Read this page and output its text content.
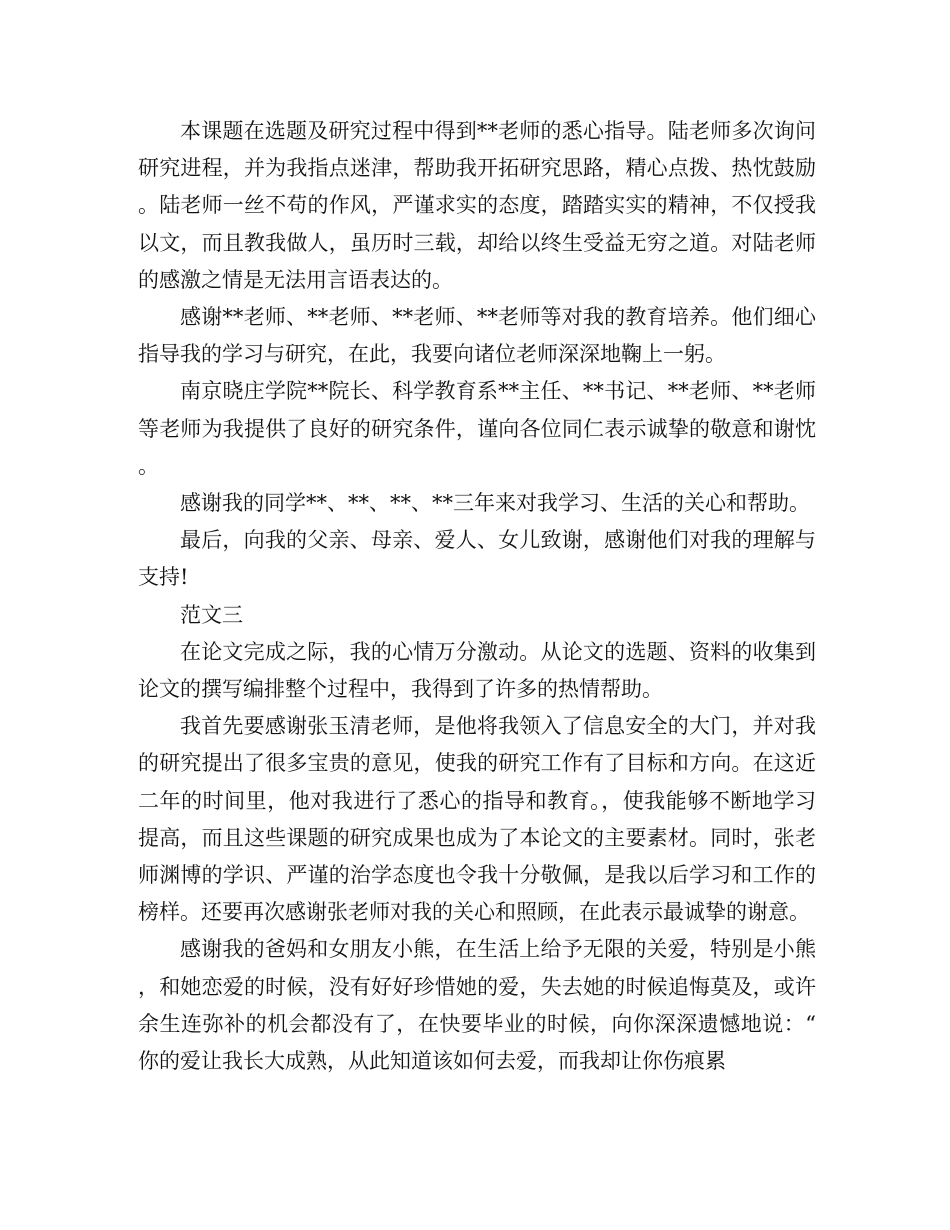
本课题在选题及研究过程中得到**老师的悉心指导。陆老师多次询问研究进程，并为我指点迷津，帮助我开拓研究思路，精心点拨、热忱鼓励。陆老师一丝不苟的作风，严谨求实的态度，踏踏实实的精神，不仅授我以文，而且教我做人，虽历时三载，却给以终生受益无穷之道。对陆老师的感激之情是无法用言语表达的。

感谢**老师、**老师、**老师、**老师等对我的教育培养。他们细心指导我的学习与研究，在此，我要向诸位老师深深地鞠上一躬。

南京晓庄学院**院长、科学教育系**主任、**书记、**老师、**老师等老师为我提供了良好的研究条件，谨向各位同仁表示诚挚的敬意和谢忱。

感谢我的同学**、**、**、**三年来对我学习、生活的关心和帮助。

最后，向我的父亲、母亲、爱人、女儿致谢，感谢他们对我的理解与支持!

范文三

在论文完成之际，我的心情万分激动。从论文的选题、资料的收集到论文的撰写编排整个过程中，我得到了许多的热情帮助。

我首先要感谢张玉清老师，是他将我领入了信息安全的大门，并对我的研究提出了很多宝贵的意见，使我的研究工作有了目标和方向。在这近二年的时间里，他对我进行了悉心的指导和教育。，使我能够不断地学习提高，而且这些课题的研究成果也成为了本论文的主要素材。同时，张老师渊博的学识、严谨的治学态度也令我十分敬佩，是我以后学习和工作的榜样。还要再次感谢张老师对我的关心和照顾，在此表示最诚挚的谢意。

感谢我的爸妈和女朋友小熊，在生活上给予无限的关爱，特别是小熊，和她恋爱的时候，没有好好珍惜她的爱，失去她的时候追悔莫及，或许余生连弥补的机会都没有了，在快要毕业的时候，向你深深遗憾地说：“你的爱让我长大成熟，从此知道该如何去爱，而我却让你伤痕累
